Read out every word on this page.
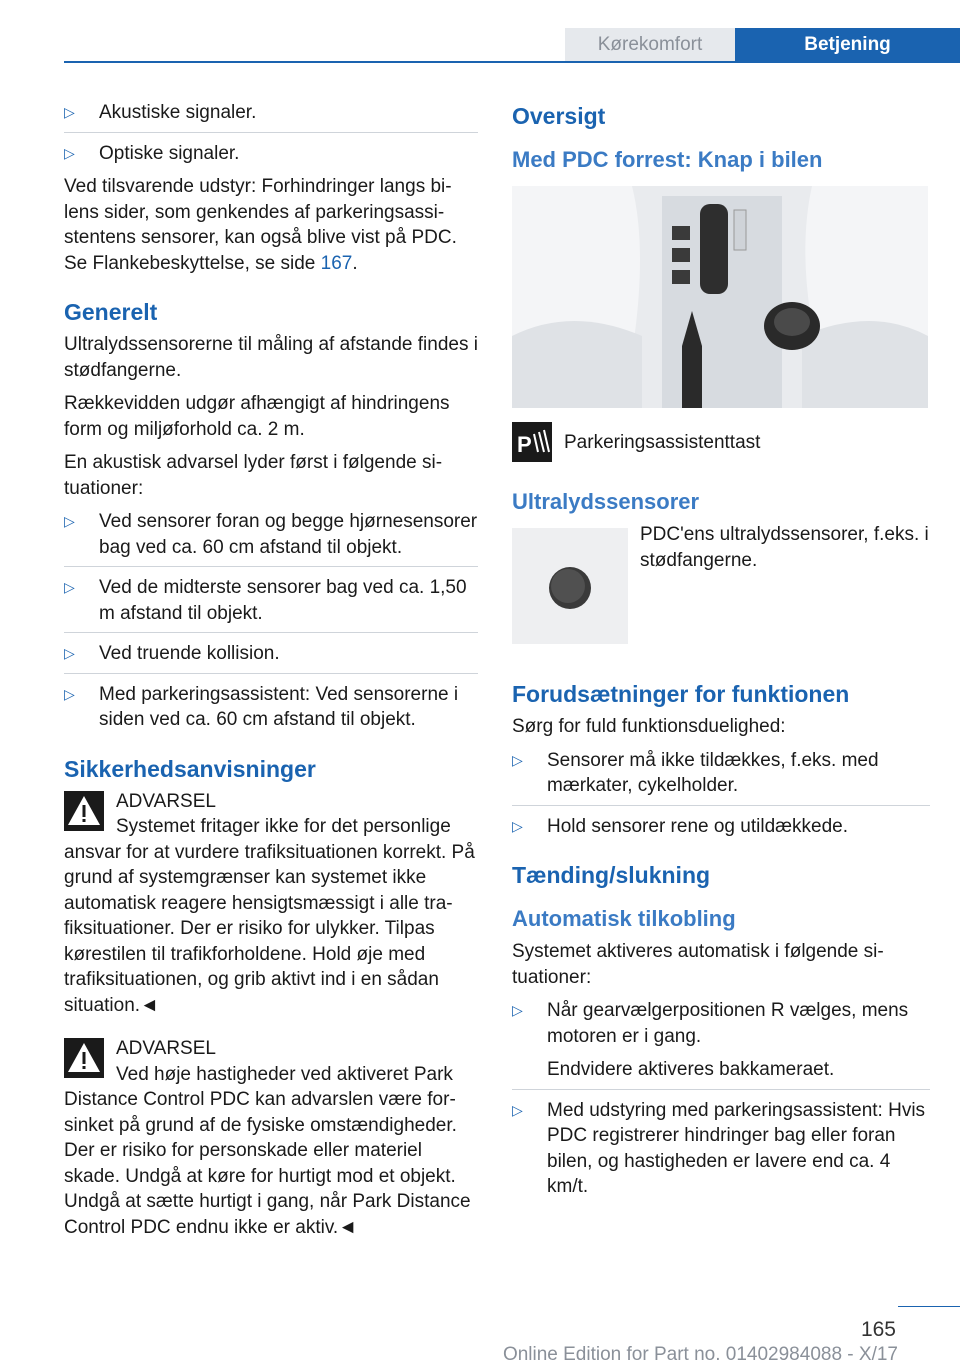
Kørekomfort	Betjening
▷ Akustiske signaler.
▷ Optiske signaler.

Ved tilsvarende udstyr: Forhindringer langs bilens sider, som genkendes af parkeringsassistentens sensorer, kan også blive vist på PDC. Se Flankebeskyttelse, se side 167.

Generelt

Ultralydssensorerne til måling af afstande findes i stødfangerne.

Rækkevidden udgør afhængigt af hindringens form og miljøforhold ca. 2 m.

En akustisk advarsel lyder først i følgende situationer:

▷ Ved sensorer foran og begge hjørnesensorer bag ved ca. 60 cm afstand til objekt.
▷ Ved de midterste sensorer bag ved ca. 1,50 m afstand til objekt.
▷ Ved truende kollision.
▷ Med parkeringsassistent: Ved sensorerne i siden ved ca. 60 cm afstand til objekt.
Sikkerhedsanvisninger

ADVARSEL

Systemet fritager ikke for det personlige ansvar for at vurdere trafiksituationen korrekt. På grund af systemgrænser kan systemet ikke automatisk reagere hensigtsmæssigt i alle trafiksituationer. Der er risiko for ulykker. Tilpas kørestilen til trafikforholdene. Hold øje med trafiksituationen, og grib aktivt ind i en sådan situation.◄

ADVARSEL

Ved høje hastigheder ved aktiveret Park Distance Control PDC kan advarslen være forsinket på grund af de fysiske omstændigheder. Der er risiko for personskade eller materiel skade. Undgå at køre for hurtigt mod et objekt. Undgå at sætte hurtigt i gang, når Park Distance Control PDC endnu ikke er aktiv.◄

Oversigt
Med PDC forrest: Knap i bilen
P Parkeringsassistenttast
Ultralydssensorer

PDC'ens ultralydssensorer, f.eks. i stødfangerne.

Forudsætninger for funktionen

Sørg for fuld funktionsduelighed:

▷ Sensorer må ikke tildækkes, f.eks. med mærkater, cykelholder.
▷ Hold sensorer rene og utildækkede.
Tænding/slukning
Automatisk tilkobling

Systemet aktiveres automatisk i følgende situationer:

▷ Når gearvælgerpositionen R vælges, mens motoren er i gang.
Endvidere aktiveres bakkameraet.
▷ Med udstyring med parkeringsassistent: Hvis PDC registrerer hindringer bag eller foran bilen, og hastigheden er lavere end ca. 4 km/t.
165
Online Edition for Part no. 01402984088 - X/17
